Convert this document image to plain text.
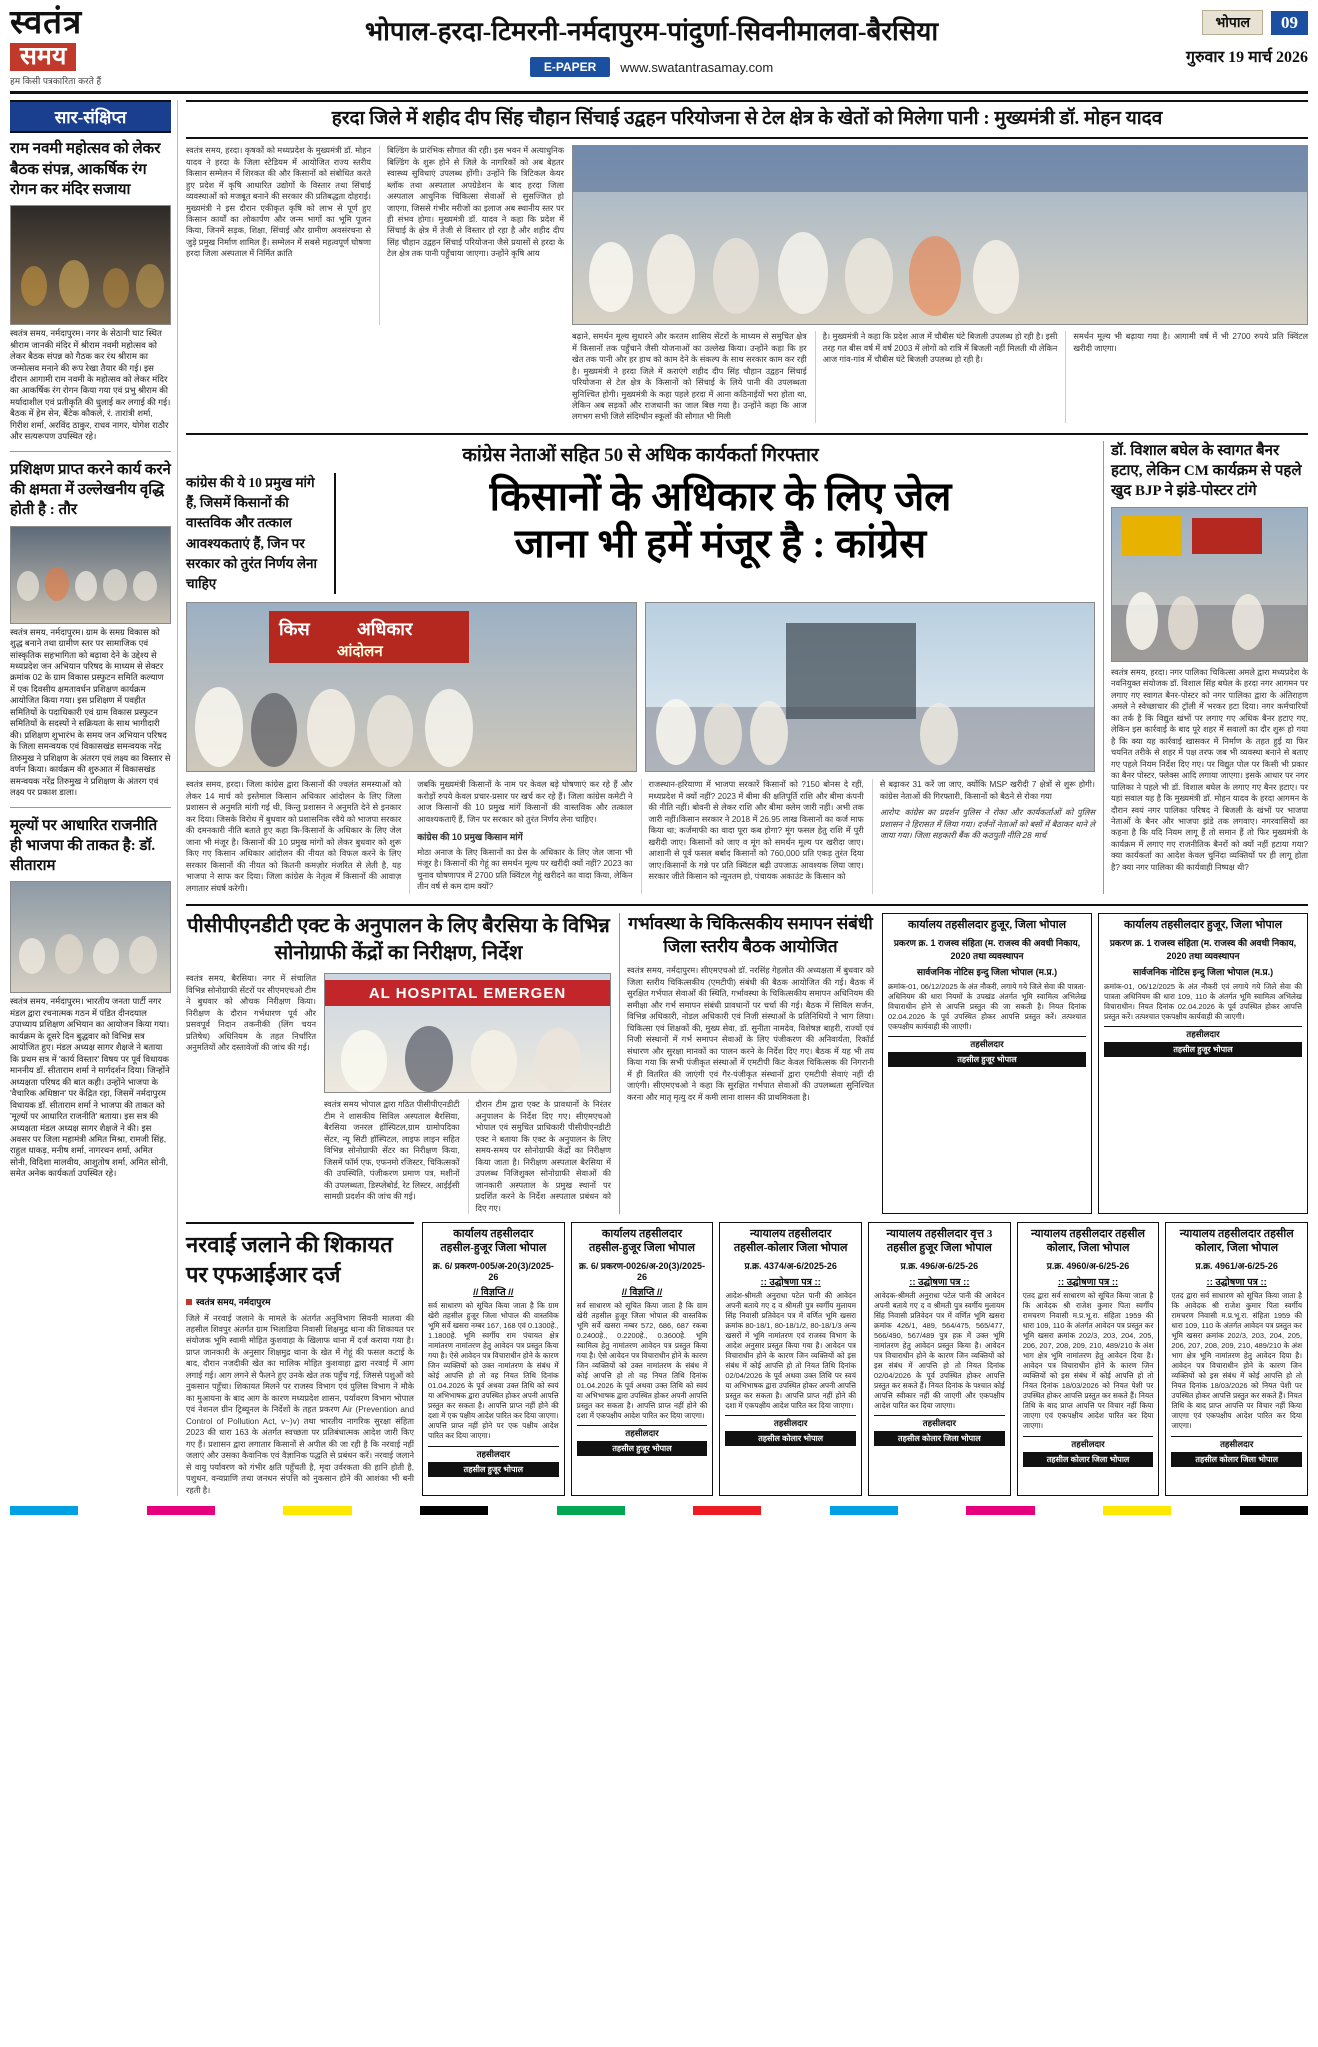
स्वतंत्र
समय
हम किसी पत्रकारिता करते हैं
भोपाल-हरदा-टिमरनी-नर्मदापुरम-पांदुर्णा-सिवनीमालवा-बैरसिया
E-PAPER	www.swatantrasamay.com
भोपाल	09
गुरुवार 19 मार्च 2026
सार-संक्षिप्त
राम नवमी महोत्सव को लेकर बैठक संपन्न, आकर्षिक रंग रोगन कर मंदिर सजाया
स्वतंत्र समय, नर्मदापुरम। नगर के सेठानी घाट स्थित श्रीराम जानकी मंदिर में श्रीराम नवमी महोत्सव को लेकर बैठक संपन्न को गैठक कर रंथ श्रीराम का जन्मोत्सव मनाने की रूप रेखा तैयार की गई। इस दौरान आगामी राम नवमी के महोत्सव को लेकर मंदिर का आकर्षिक रंग रोगन किया गया एवं प्रभु श्रीराम की मर्यादाशील एवं प्रतीकृति की धुलाई कर लगाई की गई। बैठक में हेम सेन, बैंटेक कौकले, रं. तारांत्री शर्मा, गिरीश शर्मा, अरविंद ठाकुर, राधव नागर, योगेश राठौर और सत्यरूपण उपस्थित रहे।
प्रशिक्षण प्राप्त करने कार्य करने की क्षमता में उल्लेखनीय वृद्धि होती है : तौर
स्वतंत्र समय, नर्मदापुरम। ग्राम के समग्र विकास को शुद्ध बनाने तथा ग्रामीण स्तर पर सामाजिक एवं सांस्कृतिक सहभागिता को बढ़ावा देने के उद्देश्य से मध्यप्रदेश जन अभियान परिषद के माध्यम से सेक्टर क्रमांक 02 के ग्राम विकास प्रस्फुटन समिति कल्याण में एक दिवसीय क्षमतावर्धन प्रशिक्षण कार्यक्रम आयोजित किया गया। इस प्रशिक्षण में पवहीत समितियों के पदाधिकारी एवं ग्राम विकास प्रस्फुटन समितियों के सदस्यों ने सक्रियता के साथ भागीदारी की। प्रशिक्षण शुभारंभ के समय जन अभियान परिषद के जिला समन्वयक एवं विकासखंड समन्वयक नरेंद्र तिरुमुख ने प्रशिक्षण के अंतरग एवं लक्ष्य का विस्तार से वर्णन किया। कार्यक्रम की शुरुआत में विकासखंड समन्वयक नरेंद्र तिरुमुख ने प्रशिक्षण के अंतरग एवं लक्ष्य पर प्रकाश डाला।
मूल्यों पर आधारित राजनीति ही भाजपा की ताकत है: डॉ. सीताराम
स्वतंत्र समय, नर्मदापुरम। भारतीय जनता पार्टी नगर मंडल द्वारा रचनात्मक गठन में पंडित दीनदयाल उपाध्याय प्रशिक्षण अभियान का आयोजन किया गया। कार्यक्रम के दूसरे दिन बुद्धवार को विभिन्न सत्र आयोजित हुए। मंडल अध्यक्ष सागर शैक्षजे ने बताया कि प्रथम सत्र में 'कार्य विस्तार' विषय पर पूर्व विधायक माननीय डॉ. सीताराम शर्मा ने मार्गदर्शन दिया। जिन्होंने अध्यक्षता परिषद की बात कही। उन्होंने भाजपा के 'वैचारिक अधिष्ठान' पर केंद्रित रहा, जिसमें नर्मदापुरम विधायक डॉ. सीताराम शर्मा ने भाजपा की ताकत को 'मूल्यों पर आधारित राजनीति' बताया। इस सत्र की अध्यक्षता मंडल अध्यक्ष सागर शैक्षजे ने की। इस अवसर पर जिला महामंत्री अमित मिश्रा, रामजी सिंह, राहुल धाकड़, मनीष शर्मा, नागरथन शर्मा, अमित सोनी, विदिशा मालवीय, आशुतोष शर्मा, अमित सोनी, समेत अनेक कार्यकर्ता उपस्थित रहे।
हरदा जिले में शहीद दीप सिंह चौहान सिंचाई उद्वहन परियोजना से टेल क्षेत्र के खेतों को मिलेगा पानी : मुख्यमंत्री डॉ. मोहन यादव
स्वतंत्र समय, हरदा। कृषकों को मध्यप्रदेश के मुख्यमंत्री डॉ. मोहन यादव ने हरदा के जिला स्टेडियम में आयोजित राज्य स्तरीय किसान सम्मेलन में शिरकत की और किसानों को संबोधित करते हुए प्रदेश में कृषि आधारित उद्योगों के विस्तार तथा सिंचाई व्यवस्थाओं को मजबूत बनाने की सरकार की प्रतिबद्धता दोहराई। मुख्यमंत्री ने इस दौरान एकीकृत कृषि को लाभ से पूर्ण हुए किसान कार्यों का लोकार्पण और जन्म भागों का भूमि पूजन किया, जिनमें सड़क, शिक्षा, सिंचाई और ग्रामीण अवसंरचना से जुड़े प्रमुख निर्माण शामिल हैं। सम्मेलन में सबसे महत्वपूर्ण घोषणा हरदा जिला अस्पताल में निर्मित क्रांति
बिल्डिंग के प्रारंभिक सौगात की रही। इस भवन में अत्याधुनिक बिल्डिंग के शुरू होने से जिले के नागरिकों को अब बेहतर स्वास्थ्य सुविधाएं उपलब्ध होंगी। उन्होंने कि त्रिटिकल केयर ब्लॉक तथा अस्पताल अपग्रेडेशन के बाद हरदा जिला अस्पताल आधुनिक चिकित्सा सेवाओं से सुसज्जित हो जाएगा, जिससे गंभीर मरीजों का इलाज अब स्थानीय स्तर पर ही संभव होगा। मुख्यमंत्री डॉ. यादव ने कहा कि प्रदेश में सिंचाई के क्षेत्र में तेजी से विस्तार हो रहा है और शहीद दीप सिंह चौहान उद्वहन सिंचाई परियोजना जैसे प्रयासों से हरदा के टेल क्षेत्र तक पानी पहुँचाया जाएगा। उन्होंने कृषि आय
बढ़ाने, समर्थन मूल्य सुधारने और करतम शासिय सेंटरों के माध्यम से समुचित क्षेत्र में किसानों तक पहुँचाने जैसी योजनाओं का उल्लेख किया। उन्होंने कहा कि हर खेत तक पानी और हर हाथ को काम देने के संकल्प के साथ सरकार काम कर रही है। मुख्यमंत्री ने हरदा जिले में कराएंगे शहीद दीप सिंह चौहान उद्वहन सिंचाई परियोजना से टेल क्षेत्र के किसानों को सिंचाई के लिये पानी की उपलब्धता सुनिश्चित होगी। मुख्यमंत्री के कहा पहले हरदा में आना कठिनाईयों भरा होता था, लेकिन अब सड़कों और राजधानी का जाल बिछ गया है। उन्होंने कहा कि आज लगभग सभी जिले संदिग्धीन स्कूलों की सौगात भी मिली
है। मुख्यमंत्री ने कहा कि प्रदेश आज में चौबीस घंटे बिजली उपलब्ध हो रही है। इसी तरह गत बीस वर्ष में वर्ष 2003 में लोगों को रात्रि में बिजली नहीं मिलती थी लेकिन आज गांव-गांव में चौबीस घंटे बिजली उपलब्ध हो रही है।
समर्थन मूल्य भी बढ़ाया गया है। आगामी वर्ष में भी 2700 रुपये प्रति क्विंटल खरीदी जाएगा।
कांग्रेस नेताओं सहित 50 से अधिक कार्यकर्ता गिरफ्तार
कांग्रेस की ये 10 प्रमुख मांगे हैं, जिसमें किसानों की वास्तविक और तत्काल आवश्यकताएं हैं, जिन पर सरकार को तुरंत निर्णय लेना चाहिए
किसानों के अधिकार के लिए जेल
जाना भी हमें मंजूर है : कांग्रेस
किस	अधिकार
आंदोलन
स्वतंत्र समय, हरदा। जिला कांग्रेस द्वारा किसानों की ज्वलंत समस्याओं को लेकर 14 मार्च को इस्तेमाल किसान अधिकार आंदोलन के लिए जिला प्रशासन से अनुमति मांगी गई थी, किन्तु प्रशासन ने अनुमति देने से इनकार कर दिया। जिसके विरोध में बुधवार को प्रशासनिक रवैये को भाजपा सरकार की दमनकारी नीति बताते हुए कहा कि-किसानों के अधिकार के लिए जेल जाना भी मंजूर है। किसानों की 10 प्रमुख मांगों को लेकर बुधवार को शुरू किए गए किसान अधिकार आंदोलन की नीयत को विफल करने के लिए सरकार किसानों की नीयत को कितनी कमज़ोर मंजरित से लेती है, यह भाजपा ने साफ कर दिया। जिला कांग्रेस के नेतृत्व में किसानों की आवाज़ लगातार संघर्ष करेगी।
जबकि मुख्यमंत्री किसानों के नाम पर केवल बड़े घोषणाएं कर रहे हैं और करोड़ों रुपये केवल प्रचार-प्रसार पर खर्च कर रहे हैं। जिला कांग्रेस कमेटी ने आज किसानों की 10 प्रमुख मांगें किसानों की वास्तविक और तत्काल आवश्यकताएँ हैं, जिन पर सरकार को तुरंत निर्णय लेना चाहिए।
कांग्रेस की 10 प्रमुख किसान मांगें
मोठा अनाज के लिए किसानों का प्रेस के अधिकार के लिए जेल जाना भी मंजूर है। किसानों की गेहूं का समर्थन मूल्य पर खरीदी क्यों नहीं? 2023 का चुनाव घोषणापत्र में 2700 प्रति क्विंटल गेहूं खरीदने का वादा किया, लेकिन तीन वर्ष से कम दाम क्यों?
राजस्थान-हरियाणा में भाजपा सरकारें किसानों को ?150 बोनस दे रहीं, मध्यप्रदेश में क्यों नहीं? 2023 में बीमा की क्षतिपूर्ति राशि और बीमा कंपनी की नीति नहीं। बोवनी से लेकर राशि और बीमा क्लेम जारी नहीं। अभी तक जारी नहीं।किसान सरकार ने 2018 में 26.95 लाख किसानों का कर्ज माफ किया था; कर्जमाफी का वादा पूरा कब होगा? मूंग फसल हेतु राशि में पूरी खरीदी जाए। किसानों को जाए व मूंग को समर्थन मूल्य पर खरीदा जाए।आशानी से पूर्व फसल बर्बाद किसानों को 760,000 प्रति एकड़ तुरंत दिया जाए।किसानों के गन्ने पर प्रति क्विंटल बढ़ी उपजाऊ आवश्यक लिया जाए। सरकार जीते किसान को न्यूनतम हो, पंचायक अकाउंट के किसान को
से बढ़ाकर 31 करें जा जाए, क्योंकि MSP खरीदी 7 क्षेत्रों से शुरू होगी। कांग्रेस नेताओं की गिरफ्तारी, किसानों को बैठने से रोका गया
आरोप: कांग्रेस का प्रदर्शन पुलिस ने रोका और कार्यकर्ताओं को पुलिस प्रशासन ने हिरासत में लिया गया। दर्जनों नेताओं को बसों में बैठाकर थाने ले जाया गया। जिला सहकारी बैंक की कठपुती नीति 28 मार्च
डॉ. विशाल बघेल के स्वागत बैनर हटाए, लेकिन CM कार्यक्रम से पहले खुद BJP ने झंडे-पोस्टर टांगे
स्वतंत्र समय, हरदा। नगर पालिका चिकित्सा अमले द्वारा मध्यप्रदेश के नवनियुक्त संयोजक डॉ. विशाल सिंह बघेल के हरदा नगर आगमन पर लगाए गए स्वागत बैनर-पोस्टर को नगर पालिका द्वारा के अंतिराहण अमले ने स्वेच्छाचार की ट्रॉली में भरकर हटा दिया। नगर कर्मचारियों का तर्क है कि विद्युत खंभों पर लगाए गए अधिक बैनर हटाए गए, लेकिन इस कार्रवाई के बाद पूरे शहर में सवालों का दौर शुरू हो गया है कि क्या यह कार्रवाई खासकर में निर्माण के तहत हुई या फिर चयनित तरीके से शहर में पक्ष तरफ जब भी व्यवस्था बनाने से बताए गए पहले नियम निर्देश दिए गए। पर विद्युत पोल पर किसी भी प्रकार का बैनर पोस्टर, फ्लेक्स आदि लगाया जाएगा। इसके आधार पर नगर पालिका ने पहले भी डॉ. विशाल बघेल के लगाए गए बैनर हटाए। पर यहां सवाल यह है कि मुख्यमंत्री डॉ. मोहन यादव के हरदा आगमन के दौरान स्वयं नगर पालिका परिषद ने बिजली के खंभों पर भाजपा नेताओं के बैनर और भाजपा झंडे तक लगवाए। नगरवासियों का कहना है कि यदि नियम लागू हैं तो समान हैं तो फिर मुख्यमंत्री के कार्यक्रम में लगाए गए राजनीतिक बैनरों को क्यों नहीं हटाया गया? क्या कार्यकर्ता का आदेश केवल चुनिंदा व्यक्तियों पर ही लागू होता है? क्या नगर पालिका की कार्यवाही निष्पक्ष थी?
पीसीपीएनडीटी एक्ट के अनुपालन के लिए बैरसिया के विभिन्न सोनोग्राफी केंद्रों का निरीक्षण, निर्देश
स्वतंत्र समय, बैरसिया। नगर में संचालित विभिन्न सोनोग्राफी सेंटरों पर सीएमएचओ टीम ने बुधवार को औचक निरीक्षण किया। निरीक्षण के दौरान गर्भधारण पूर्व और प्रसवपूर्व निदान तकनीकी (लिंग चयन प्रतिषेध) अधिनियम के तहत निर्धारित अनुमतियों और दस्तावेजों की जांच की गई।
AL HOSPITAL EMERGEN
स्वतंत्र समय भोपाल द्वारा गठित पीसीपीएनडीटी टीम ने शासकीय सिविल अस्पताल बैरसिया, बैरसिया जनरल हॉस्पिटल,ग्राम ग्रामोपदिका सेंटर, न्यू सिटी हॉस्पिटल, लाइफ लाइन सहित विभिन्न सोनोग्राफी सेंटर का निरीक्षण किया, जिसमें फॉर्म एफ, एफनमो रजिस्टर, चिकित्सकों की उपस्थिति, पंजीकरण प्रमाण पत्र, मशीनों की उपलब्धता, डिस्प्लेबोर्ड, रेट लिस्टर, आईईसी सामग्री प्रदर्शन की जांच की गई।
दौरान टीम द्वारा एक्ट के प्रावधानों के निरंतर अनुपालन के निर्देश दिए गए। सीएमएचओ भोपाल एवं समुचित प्राधिकारी पीसीपीएनडीटी एक्ट ने बताया कि एक्ट के अनुपालन के लिए समय-समय पर सोनोग्राफी केंद्रों का निरीक्षण किया जाता है। निरीक्षण अस्पताल बैरसिया में उपलब्ध निजिशुक्ल सोनोग्राफी सेवाओं की जानकारी अस्पताल के प्रमुख स्थानों पर प्रदर्शित करने के निर्देश अस्पताल प्रबंधन को दिए गए।
गर्भावस्था के चिकित्सकीय समापन संबंधी जिला स्तरीय बैठक आयोजित
स्वतंत्र समय, नर्मदापुरम। सीएमएचओ डॉ. नरसिंह गेहलोत की अध्यक्षता में बुधवार को जिला स्तरीय चिकित्सकीय (एमटीपी) संबंधी की बैठक आयोजित की गई। बैठक में सुरक्षित गर्भपात सेवाओं की स्थिति, गर्भावस्था के चिकित्सकीय समापन अधिनियम की समीक्षा और गर्भ समापन संबंधी प्रावधानों पर चर्चा की गई। बैठक में सिविल सर्जन, विभिन्न अधिकारी, नोडल अधिकारी एवं निजी संस्थाओं के प्रतिनिधियों ने भाग लिया। चिकित्सा एवं शिक्षकों की, मुख्य सेवा, डॉ. सुनीता नामदेव, विशेषज्ञ बाहरी, राज्यों एवं निजी संस्थानों में गर्भ समापन सेवाओं के लिए पंजीकरण की अनिवार्यता, रिकॉर्ड संधारण और सुरक्षा मानकों का पालन करने के निर्देश दिए गए। बैठक में यह भी तय किया गया कि सभी पंजीकृत संस्थाओं में एमटीपी किट केवल चिकित्सक की निगरानी में ही वितरित की जाएंगी एवं गैर-पंजीकृत संस्थानों द्वारा एमटीपी सेवाएं नहीं दी जाएंगी। सीएमएचओ ने कहा कि सुरक्षित गर्भपात सेवाओं की उपलब्धता सुनिश्चित करना और मातृ मृत्यु दर में कमी लाना शासन की प्राथमिकता है।
कार्यालय तहसीलदार हुजूर, जिला भोपाल
प्रकरण क्र. 1 राजस्व संहिता (म. राजस्व की अवधी निकाय, 2020 तथा व्यवस्थापन
सार्वजनिक नोटिस इन्दु जिला भोपाल (म.प्र.)
क्रमांक-01, 06/12/2025 के अंत नौकरी, लगाये गये जिले सेवा की पात्रता-अधिनियम की धारा नियमों के उपखंड अंतर्गत भूमि स्वामित्व अभिलेख विचाराधीन होने से आपत्ति प्रस्तुत की जा सकती है। नियत दिनांक 02.04.2026 के पूर्व उपस्थित होकर आपत्ति प्रस्तुत करें। तत्पश्चात एकपक्षीय कार्यवाही की जाएगी।
तहसीलदार
तहसील हुजूर भोपाल
कार्यालय तहसीलदार हुजूर, जिला भोपाल
प्रकरण क्र. 1 राजस्व संहिता (म. राजस्व की अवधी निकाय, 2020 तथा व्यवस्थापन
सार्वजनिक नोटिस इन्दु जिला भोपाल (म.प्र.)
क्रमांक-01, 06/12/2025 के अंत नौकरी एवं लगाये गये जिले सेवा की पात्रता अधिनियम की धारा 109, 110 के अंतर्गत भूमि स्वामित्व अभिलेख विचाराधीन। नियत दिनांक 02.04.2026 के पूर्व उपस्थित होकर आपत्ति प्रस्तुत करें। तत्पश्चात एकपक्षीय कार्यवाही की जाएगी।
तहसीलदार
तहसील हुजूर भोपाल
नरवाई जलाने की शिकायत
पर एफआईआर दर्ज
स्वतंत्र समय, नर्मदापुरम
जिले में नरवाई जलाने के मामले के अंतर्गत अनुविभाग सिवनी मालवा की तहसील शिवपुर अंतर्गत ग्राम भिलाडिया निवासी शिक्षमुद्र थाना की शिकायत पर संयोजक भूमि स्वामी मोहित कुशवाहा के खिलाफ थाना में दर्ज कराया गया है। प्राप्त जानकारी के अनुसार शिक्षमुद्र थाना के खेत में गेहूं की फसल कटाई के बाद, दौरान नजदीकी खेत का मालिक मोहित कुशवाहा द्वारा नरवाई में आग लगाई गई। आग लगने से फैलने हुए उनके खेत तक पहुँच गई, जिससे पशुओं को नुकसान पहुँचा। शिकायत मिलने पर राजस्व विभाग एवं पुलिस विभाग ने मौके का मुआयना के बाद आग के कारण मध्यप्रदेश शासन, पर्यावरण विभाग भोपाल एवं नेशनल ग्रीन ट्रिब्यूनल के निर्देशों के तहत प्रकरण Air (Prevention and Control of Pollution Act, v~)v) तथा भारतीय नागरिक सुरक्षा संहिता 2023 की धारा 163 के अंतर्गत स्वच्छता पर प्रतिबंधात्मक आदेश जारी किए गए हैं। प्रशासन द्वारा लगातार किसानों से अपील की जा रही है कि नरवाई नहीं जलाएं और उसका कैवानिक एवं वैज्ञानिक पद्धति से प्रबंधन करें। नरवाई जलाने से वायु पर्यावरण को गंभीर क्षति पहुँचती है, मृदा उर्वरकता की हानि होती है, पशुधन, वन्यप्राणि तथा जनधन संपत्ति को नुकसान होने की आशंका भी बनी रहती है।
कार्यालय तहसीलदार
तहसील-हुजूर जिला भोपाल
क्र. 6/ प्रकरण-005/अ-20(3)/2025-26
// विज्ञप्ति //
सर्व साधारण को सूचित किया जाता है कि ग्राम खेरी तहसील हुजूर जिला भोपाल की वास्तविक भूमि सर्वे खसरा नम्बर 167, 168 एवं 0.1300हे., 1.1800हे. भूमि स्वर्गीय राम पंचायत क्षेत्र नामांतरण नामांतरण हेतु आवेदन पत्र प्रस्तुत किया गया है। ऐसे आवेदन पत्र विचाराधीन होने के कारण जिन व्यक्तियों को उक्त नामांतरण के संबंध में कोई आपत्ति हो तो वह नियत तिथि दिनांक 01.04.2026 के पूर्व अथवा उक्त तिथि को स्वयं या अभिभाषक द्वारा उपस्थित होकर अपनी आपत्ति प्रस्तुत कर सकता है। आपत्ति प्राप्त नहीं होने की दशा में एक पक्षीय आदेश पारित कर दिया जाएगा। आपत्ति प्राप्त नहीं होने पर एक पक्षीय आदेश पारित कर दिया जाएगा।
तहसीलदार
तहसील हुजूर भोपाल
कार्यालय तहसीलदार
तहसील-हुजूर जिला भोपाल
क्र. 6/ प्रकरण-0026/अ-20(3)/2025-26
// विज्ञप्ति //
सर्व साधारण को सूचित किया जाता है कि ग्राम खेरी तहसील हुजूर जिला भोपाल की वास्तविक भूमि सर्वे खसरा नम्बर 572, 686, 687 रकबा 0.2400हे., 0.2200हे., 0.3600हे. भूमि स्वामित्व हेतु नामांतरण आवेदन पत्र प्रस्तुत किया गया है। ऐसे आवेदन पत्र विचाराधीन होने के कारण जिन व्यक्तियों को उक्त नामांतरण के संबंध में कोई आपत्ति हो तो वह नियत तिथि दिनांक 01.04.2026 के पूर्व अथवा उक्त तिथि को स्वयं या अभिभाषक द्वारा उपस्थित होकर अपनी आपत्ति प्रस्तुत कर सकता है। आपत्ति प्राप्त नहीं होने की दशा में एकपक्षीय आदेश पारित कर दिया जाएगा।
तहसीलदार
तहसील हुजूर भोपाल
न्यायालय तहसीलदार
तहसील-कोलार जिला भोपाल
प्र.क्र. 4374/अ-6/2025-26
:: उद्घोषणा पत्र ::
आदेश-श्रीमती अनुराधा पटेल पानी की आवेदन अपनी बताये गए द व श्रीमती पुत्र स्वर्गीय मुलायम सिंह निवासी प्रतिवेदन पत्र में वर्णित भूमि खसरा क्रमांक 80-18/1, 80-18/1/2, 80-18/1/3 अन्य खसरों में भूमि नामांतरण एवं राजस्व विभाग के आदेश अनुसार प्रस्तुत किया गया है। आवेदन पत्र विचाराधीन होने के कारण जिन व्यक्तियों को इस संबंध में कोई आपत्ति हो तो नियत तिथि दिनांक 02/04/2026 के पूर्व अथवा उक्त तिथि पर स्वयं या अभिभाषक द्वारा उपस्थित होकर अपनी आपत्ति प्रस्तुत कर सकता है। आपत्ति प्राप्त नहीं होने की दशा में एकपक्षीय आदेश पारित कर दिया जाएगा।
तहसीलदार
तहसील कोलार भोपाल
न्यायालय तहसीलदार वृत्त 3
तहसील हुजूर जिला भोपाल
प्र.क्र. 496/अ-6/25-26
:: उद्घोषणा पत्र ::
आवेदक-श्रीमती अनुराधा पटेल पानी की आवेदन अपनी बताये गए द व श्रीमती पुत्र स्वर्गीय मुलायम सिंह निवासी प्रतिवेदन पत्र में वर्णित भूमि खसरा क्रमांक 426/1, 489, 564/475, 565/477, 566/490, 567/489 पुत्र हक़ में उक्त भूमि नामांतरण हेतु आवेदन प्रस्तुत किया है। आवेदन पत्र विचाराधीन होने के कारण जिन व्यक्तियों को इस संबंध में आपत्ति हो तो नियत दिनांक 02/04/2026 के पूर्व उपस्थित होकर आपत्ति प्रस्तुत कर सकते हैं। नियत दिनांक के पश्चात कोई आपत्ति स्वीकार नहीं की जाएगी और एकपक्षीय आदेश पारित कर दिया जाएगा।
तहसीलदार
तहसील कोलार जिला भोपाल
न्यायालय तहसीलदार तहसील
कोलार, जिला भोपाल
प्र.क्र. 4960/अ-6/25-26
:: उद्घोषणा पत्र ::
एतद द्वारा सर्व साधारण को सूचित किया जाता है कि आवेदक श्री राजेश कुमार पिता स्वर्गीय रामचरण निवासी म.प्र.भू.रा. संहिता 1959 की धारा 109, 110 के अंतर्गत आवेदन पत्र प्रस्तुत कर भूमि खसरा क्रमांक 202/3, 203, 204, 205, 206, 207, 208, 209, 210, 489/210 के अंश भाग क्षेत्र भूमि नामांतरण हेतु आवेदन दिया है। आवेदन पत्र विचाराधीन होने के कारण जिन व्यक्तियों को इस संबंध में कोई आपत्ति हो तो नियत दिनांक 18/03/2026 को नियत पेशी पर उपस्थित होकर आपत्ति प्रस्तुत कर सकते हैं। नियत तिथि के बाद प्राप्त आपत्ति पर विचार नहीं किया जाएगा एवं एकपक्षीय आदेश पारित कर दिया जाएगा।
तहसीलदार
तहसील कोलार जिला भोपाल
न्यायालय तहसीलदार तहसील
कोलार, जिला भोपाल
प्र.क्र. 4961/अ-6/25-26
:: उद्घोषणा पत्र ::
एतद द्वारा सर्व साधारण को सूचित किया जाता है कि आवेदक श्री राजेश कुमार पिता स्वर्गीय रामचरण निवासी म.प्र.भू.रा. संहिता 1959 की धारा 109, 110 के अंतर्गत आवेदन पत्र प्रस्तुत कर भूमि खसरा क्रमांक 202/3, 203, 204, 205, 206, 207, 208, 209, 210, 489/210 के अंश भाग क्षेत्र भूमि नामांतरण हेतु आवेदन दिया है। आवेदन पत्र विचाराधीन होने के कारण जिन व्यक्तियों को इस संबंध में कोई आपत्ति हो तो नियत दिनांक 18/03/2026 को नियत पेशी पर उपस्थित होकर आपत्ति प्रस्तुत कर सकते हैं। नियत तिथि के बाद प्राप्त आपत्ति पर विचार नहीं किया जाएगा एवं एकपक्षीय आदेश पारित कर दिया जाएगा।
तहसीलदार
तहसील कोलार जिला भोपाल
